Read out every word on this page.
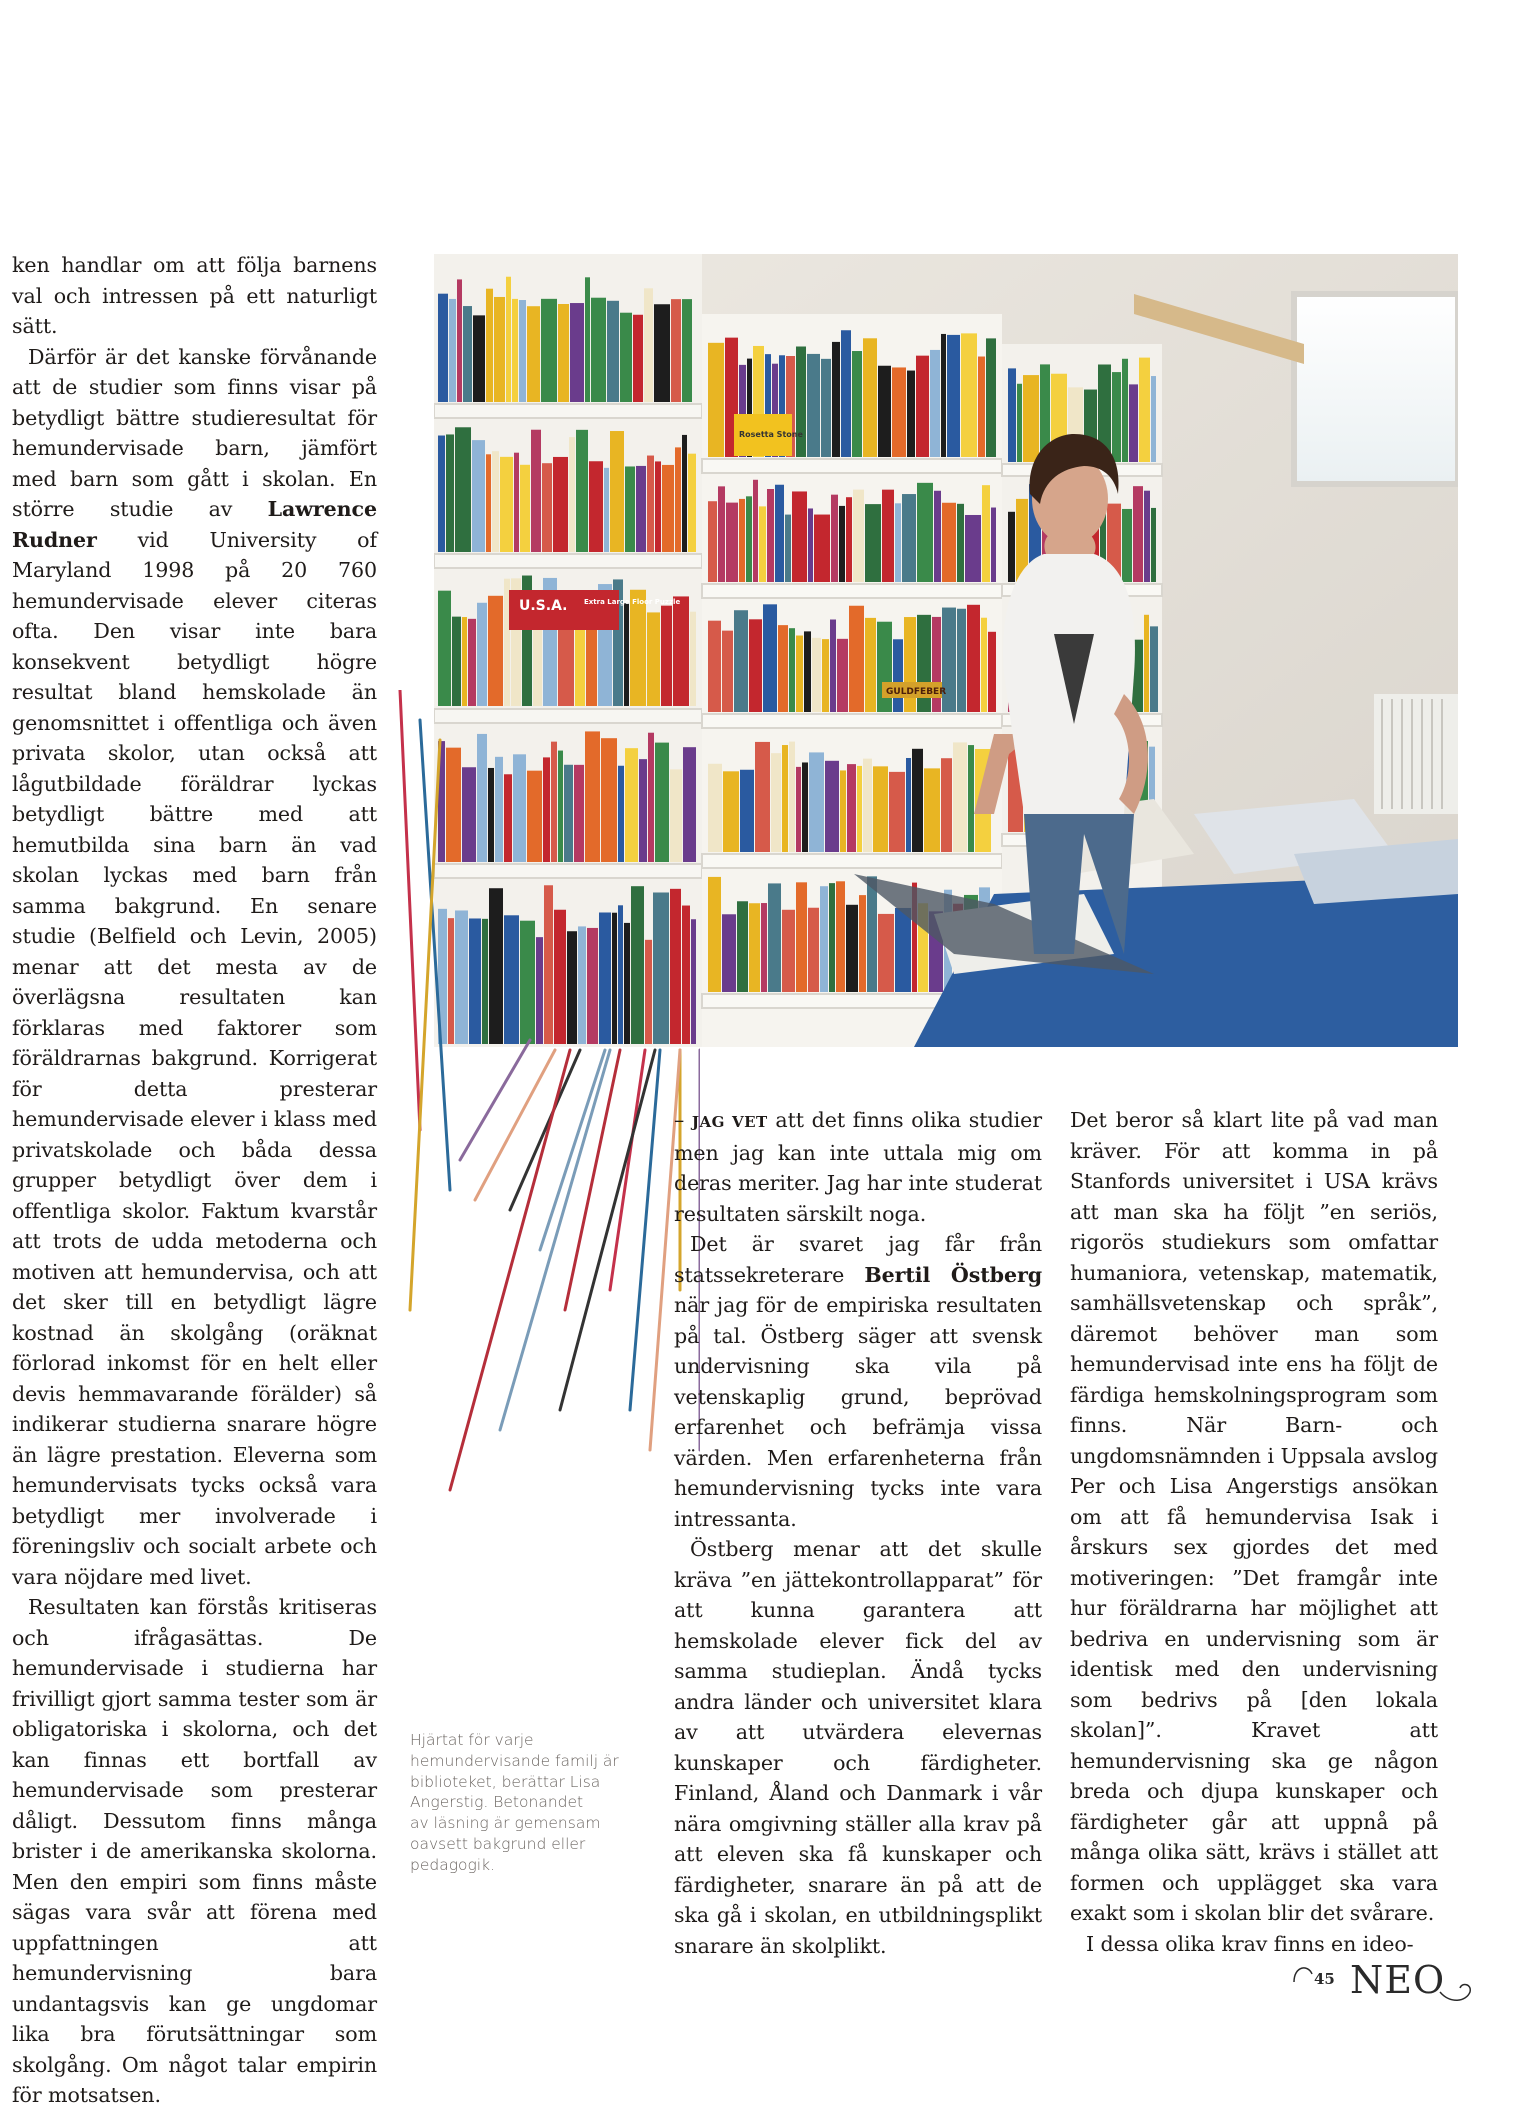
ken handlar om att följa barnens val och intressen på ett naturligt sätt.

Därför är det kanske förvånande att de studier som finns visar på betydligt bättre studieresultat för hemundervisade barn, jämfört med barn som gått i skolan. En större studie av Lawrence Rudner vid University of Maryland 1998 på 20 760 hemundervisade elever citeras ofta. Den visar inte bara konsekvent betydligt högre resultat bland hemskolade än genomsnittet i offentliga och även privata skolor, utan också att lågutbildade föräldrar lyckas betydligt bättre med att hemutbilda sina barn än vad skolan lyckas med barn från samma bakgrund. En senare studie (Belfield och Levin, 2005) menar att det mesta av de överlägsna resultaten kan förklaras med faktorer som föräldrarnas bakgrund. Korrigerat för detta presterar hemundervisade elever i klass med privatskolade och båda dessa grupper betydligt över dem i offentliga skolor. Faktum kvarstår att trots de udda metoderna och motiven att hemundervisa, och att det sker till en betydligt lägre kostnad än skolgång (oräknat förlorad inkomst för en helt eller devis hemmavarande förälder) så indikerar studierna snarare högre än lägre prestation. Eleverna som hemundervisats tycks också vara betydligt mer involverade i föreningsliv och socialt arbete och vara nöjdare med livet.

Resultaten kan förstås kritiseras och ifrågasättas. De hemundervisade i studierna har frivilligt gjort samma tester som är obligatoriska i skolorna, och det kan finnas ett bortfall av hemundervisade som presterar dåligt. Dessutom finns många brister i de amerikanska skolorna. Men den empiri som finns måste sägas vara svår att förena med uppfattningen att hemundervisning bara undantagsvis kan ge ungdomar lika bra förutsättningar som skolgång. Om något talar empirin för motsatsen.

U.S.A. Extra Large Floor Puzzle
Rosetta Stone
GULDFEBER

– JAG VET att det finns olika studier men jag kan inte uttala mig om deras meriter. Jag har inte studerat resultaten särskilt noga.

Det är svaret jag får från statssekreterare Bertil Östberg när jag för de empiriska resultaten på tal. Östberg säger att svensk undervisning ska vila på vetenskaplig grund, beprövad erfarenhet och befrämja vissa värden. Men erfarenheterna från hemundervisning tycks inte vara intressanta.

Östberg menar att det skulle kräva ”en jättekontrollapparat” för att kunna garantera att hemskolade elever fick del av samma studieplan. Ändå tycks andra länder och universitet klara av att utvärdera elevernas kunskaper och färdigheter. Finland, Åland och Danmark i vår nära omgivning ställer alla krav på att eleven ska få kunskaper och färdigheter, snarare än på att de ska gå i skolan, en utbildningsplikt snarare än skolplikt.

Det beror så klart lite på vad man kräver. För att komma in på Stanfords universitet i USA krävs att man ska ha följt ”en seriös, rigorös studiekurs som omfattar humaniora, vetenskap, matematik, samhällsvetenskap och språk”, däremot behöver man som hemundervisad inte ens ha följt de färdiga hemskolningsprogram som finns. När Barn- och ungdomsnämnden i Uppsala avslog Per och Lisa Angerstigs ansökan om att få hemundervisa Isak i årskurs sex gjordes det med motiveringen: ”Det framgår inte hur föräldrarna har möjlighet att bedriva en undervisning som är identisk med den undervisning som bedrivs på [den lokala skolan]”. Kravet att hemundervisning ska ge någon breda och djupa kunskaper och färdigheter går att uppnå på många olika sätt, krävs i stället att formen och upplägget ska vara exakt som i skolan blir det svårare.

I dessa olika krav finns en ideo-

Hjärtat för varje
hemundervisande familj är
biblioteket, berättar Lisa
Angerstig. Betonandet
av läsning är gemensam
oavsett bakgrund eller
pedagogik.
45 NEO
